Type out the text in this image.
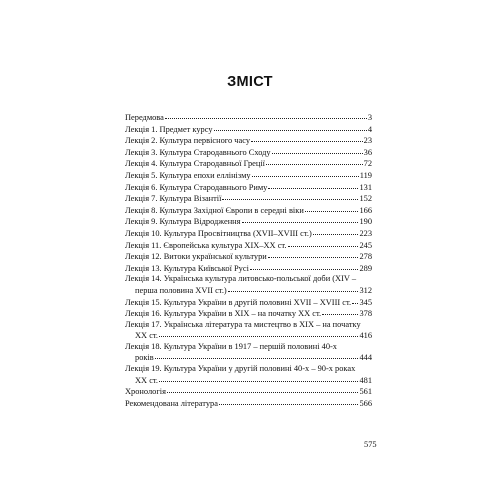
ЗМІСТ
Передмова	3
Лекція 1. Предмет курсу	4
Лекція 2. Культура первісного часу	23
Лекція 3. Культура Стародавнього Сходу	36
Лекція 4. Культура Стародавньої Греції	72
Лекція 5. Культура епохи еллінізму	119
Лекція 6. Культура Стародавнього Риму	131
Лекція 7. Культура Візантії	152
Лекція 8. Культура Західної Європи в середні віки	166
Лекція 9. Культура Відродження	190
Лекція 10. Культура Просвітництва (XVII–XVIII ст.)	223
Лекція 11. Європейська культура XIX–XX ст.	245
Лекція 12. Витоки української культури	278
Лекція 13. Культура Київської Русі	289
Лекція 14. Українська культура литовсько-польської доби (XIV –
перша половина XVII ст.)	312
Лекція 15. Культура України в другій половині XVII – XVIII ст. 345
Лекція 16. Культура України в XIX – на початку XX ст.	378
Лекція 17. Українська література та мистецтво в XIX – на початку
XX ст.	416
Лекція 18. Культура України в 1917 – першій половині 40-х
років	444
Лекція 19. Культура України у другій половині 40-х – 90-х роках
XX ст.	481
Хронологія	561
Рекомендована література	566
575
